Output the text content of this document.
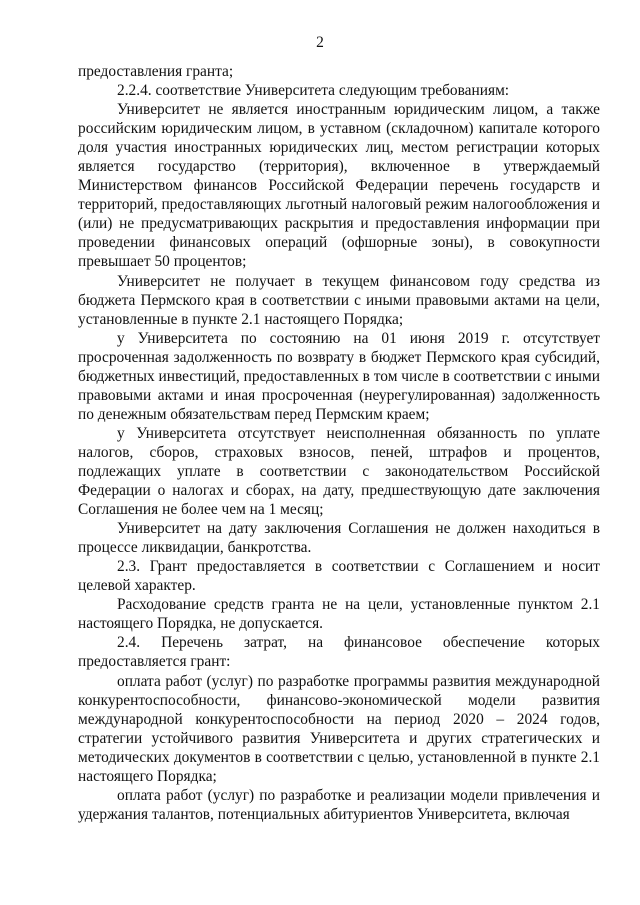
2

предоставления гранта;

2.2.4. соответствие Университета следующим требованиям:

Университет не является иностранным юридическим лицом, а также российским юридическим лицом, в уставном (складочном) капитале которого доля участия иностранных юридических лиц, местом регистрации которых является государство (территория), включенное в утверждаемый Министерством финансов Российской Федерации перечень государств и территорий, предоставляющих льготный налоговый режим налогообложения и (или) не предусматривающих раскрытия и предоставления информации при проведении финансовых операций (офшорные зоны), в совокупности превышает 50 процентов;

Университет не получает в текущем финансовом году средства из бюджета Пермского края в соответствии с иными правовыми актами на цели, установленные в пункте 2.1 настоящего Порядка;

у Университета по состоянию на 01 июня 2019 г. отсутствует просроченная задолженность по возврату в бюджет Пермского края субсидий, бюджетных инвестиций, предоставленных в том числе в соответствии с иными правовыми актами и иная просроченная (неурегулированная) задолженность по денежным обязательствам перед Пермским краем;

у Университета отсутствует неисполненная обязанность по уплате налогов, сборов, страховых взносов, пеней, штрафов и процентов, подлежащих уплате в соответствии с законодательством Российской Федерации о налогах и сборах, на дату, предшествующую дате заключения Соглашения не более чем на 1 месяц;

Университет на дату заключения Соглашения не должен находиться в процессе ликвидации, банкротства.

2.3. Грант предоставляется в соответствии с Соглашением и носит целевой характер.

Расходование средств гранта не на цели, установленные пунктом 2.1 настоящего Порядка, не допускается.

2.4. Перечень затрат, на финансовое обеспечение которых предоставляется грант:

оплата работ (услуг) по разработке программы развития международной конкурентоспособности, финансово-экономической модели развития международной конкурентоспособности на период 2020 – 2024 годов, стратегии устойчивого развития Университета и других стратегических и методических документов в соответствии с целью, установленной в пункте 2.1 настоящего Порядка;

оплата работ (услуг) по разработке и реализации модели привлечения и удержания талантов, потенциальных абитуриентов Университета, включая
